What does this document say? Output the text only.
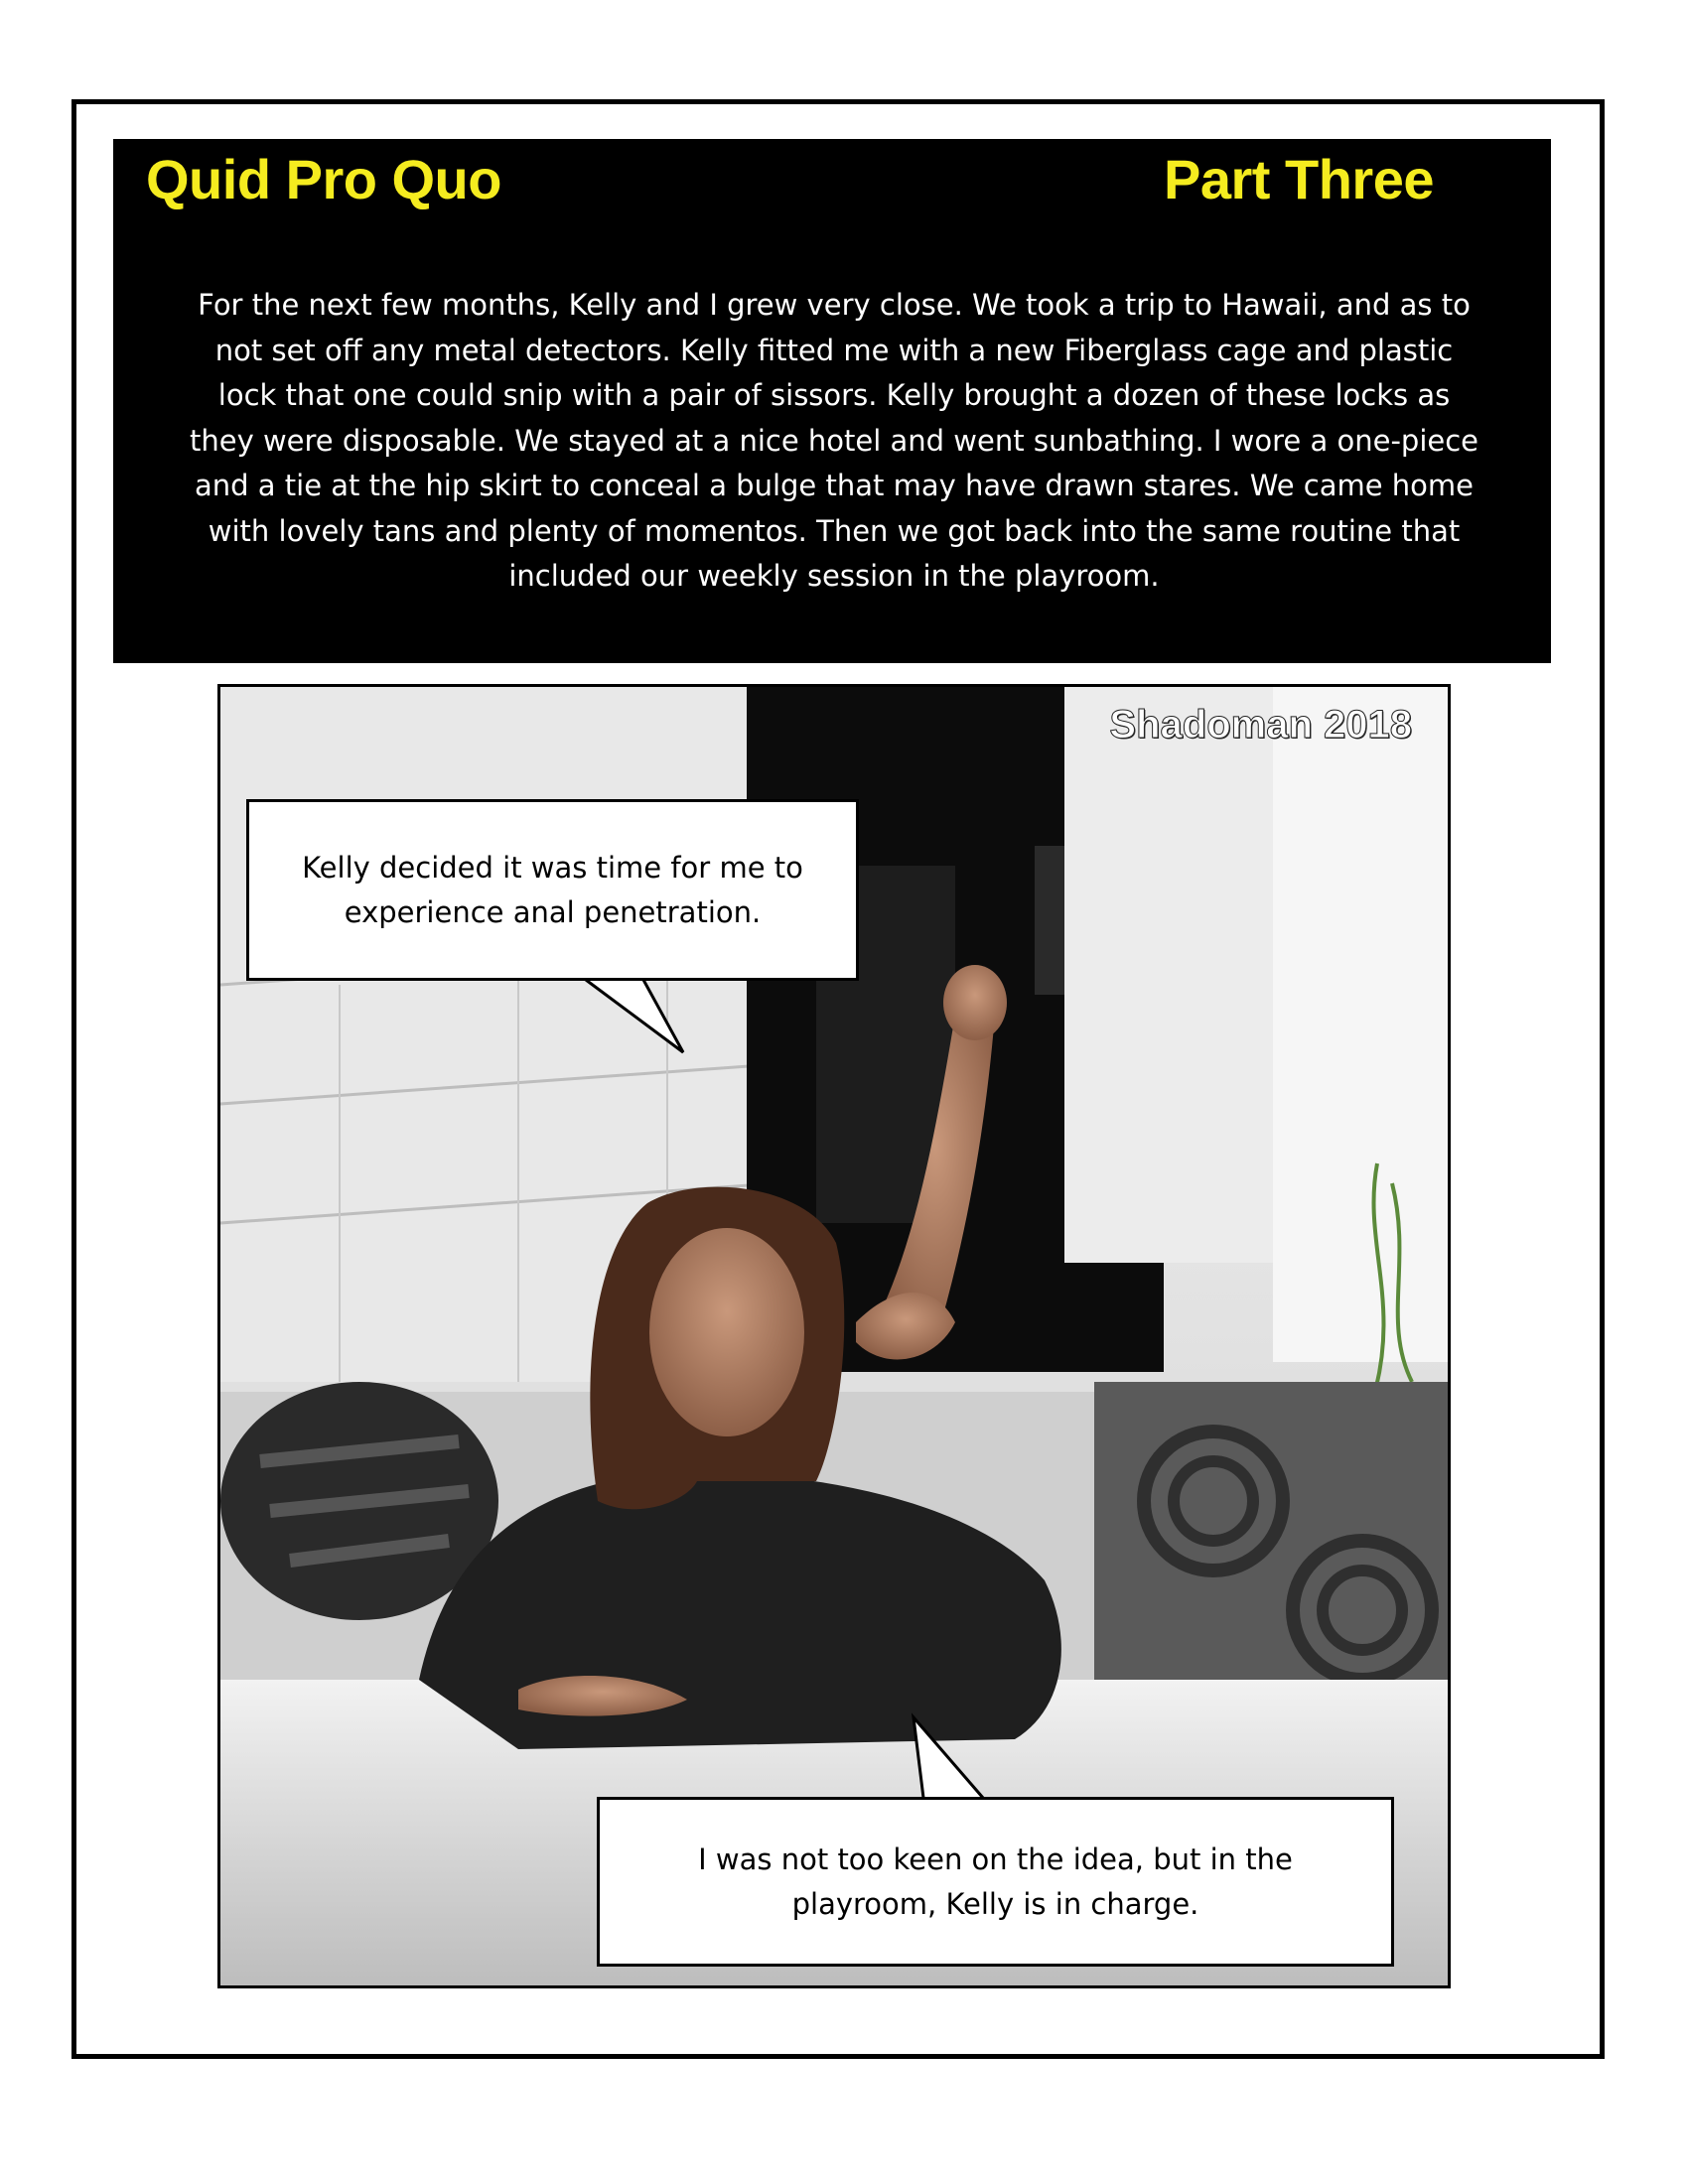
Quid Pro Quo	Part Three
For the next few months, Kelly and I grew very close. We took a trip to Hawaii, and as to
not set off any metal detectors. Kelly fitted me with a new Fiberglass cage and plastic
lock that one could snip with a pair of sissors. Kelly brought a dozen of these locks as
they were disposable. We stayed at a nice hotel and went sunbathing. I wore a one-piece
and a tie at the hip skirt to conceal a bulge that may have drawn stares. We came home
with lovely tans and plenty of momentos. Then we got back into the same routine that
included our weekly session in the playroom.
Shadoman 2018
Kelly decided it was time for me to
experience anal penetration.
I was not too keen on the idea, but in the
playroom, Kelly is in charge.
